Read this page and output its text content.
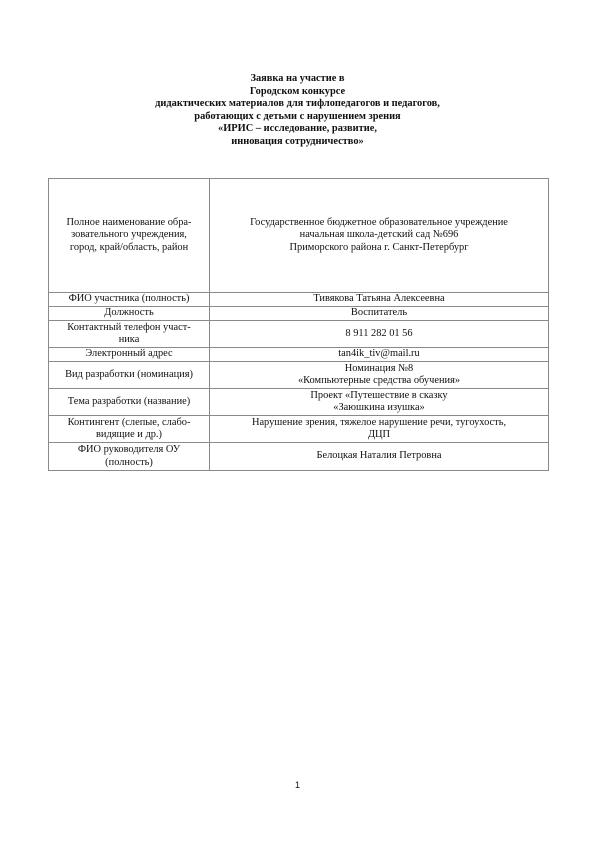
Заявка на участие в
Городском конкурсе
дидактических материалов для тифлопедагогов и педагогов,
работающих с детьми с нарушением зрения
«ИРИС – исследование, развитие,
инновация сотрудничество»
Полное наименование обра-
зовательного учреждения,
город, край/область, район	Государственное бюджетное образовательное учреждение
начальная школа-детский сад №696
Приморского района г. Санкт-Петербург

ФИО участника (полность)	Тивякова Татьяна Алексеевна

Должность	Воспитатель

Контактный телефон участ-
ника	8 911 282 01 56

Электронный адрес	tan4ik_tiv@mail.ru

Вид разработки (номинация)	Номинация №8
«Компьютерные средства обучения»

Тема разработки (название)	Проект «Путешествие в сказку
«Заюшкина изушка»

Контингент (слепые, слабо-
видящие и др.)	Нарушение зрения, тяжелое нарушение речи, тугоухость,
ДЦП

ФИО руководителя ОУ
(полность)	Белоцкая Наталия Петровна
1
